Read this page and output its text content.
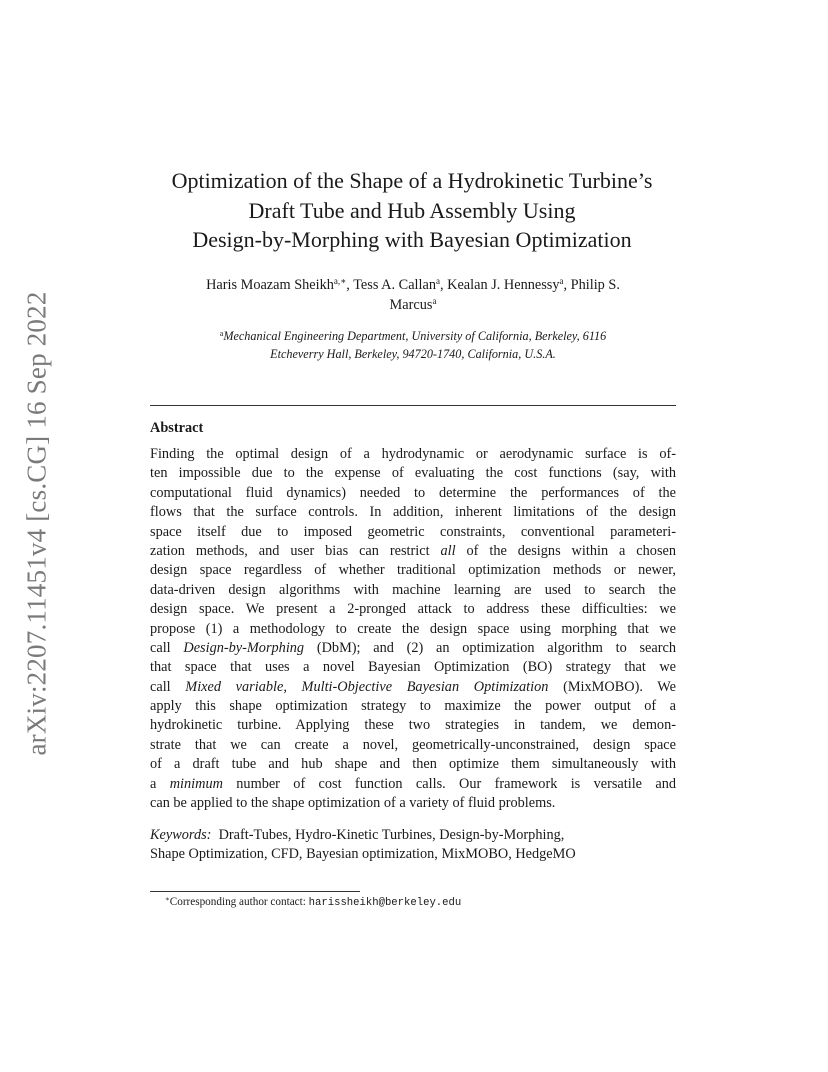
arXiv:2207.11451v4 [cs.CG] 16 Sep 2022
Optimization of the Shape of a Hydrokinetic Turbine’s
Draft Tube and Hub Assembly Using
Design-by-Morphing with Bayesian Optimization
Haris Moazam Sheikh$^{a,∗}$, Tess A. Callan$^a$, Kealan J. Hennessy$^a$, Philip S.
Marcus$^a$
$^a$Mechanical Engineering Department, University of California, Berkeley, 6116
Etcheverry Hall, Berkeley, 94720-1740, California, U.S.A.
Abstract
Finding the optimal design of a hydrodynamic or aerodynamic surface is of-
ten impossible due to the expense of evaluating the cost functions (say, with
computational fluid dynamics) needed to determine the performances of the
flows that the surface controls. In addition, inherent limitations of the design
space itself due to imposed geometric constraints, conventional parameteri-
zation methods, and user bias can restrict all of the designs within a chosen
design space regardless of whether traditional optimization methods or newer,
data-driven design algorithms with machine learning are used to search the
design space. We present a 2-pronged attack to address these difficulties: we
propose (1) a methodology to create the design space using morphing that we
call Design-by-Morphing (DbM); and (2) an optimization algorithm to search
that space that uses a novel Bayesian Optimization (BO) strategy that we
call Mixed variable, Multi-Objective Bayesian Optimization (MixMOBO). We
apply this shape optimization strategy to maximize the power output of a
hydrokinetic turbine. Applying these two strategies in tandem, we demon-
strate that we can create a novel, geometrically-unconstrained, design space
of a draft tube and hub shape and then optimize them simultaneously with
a minimum number of cost function calls. Our framework is versatile and
can be applied to the shape optimization of a variety of fluid problems.
Keywords:  Draft-Tubes, Hydro-Kinetic Turbines, Design-by-Morphing,
Shape Optimization, CFD, Bayesian optimization, MixMOBO, HedgeMO
∗Corresponding author contact: harissheikh@berkeley.edu
